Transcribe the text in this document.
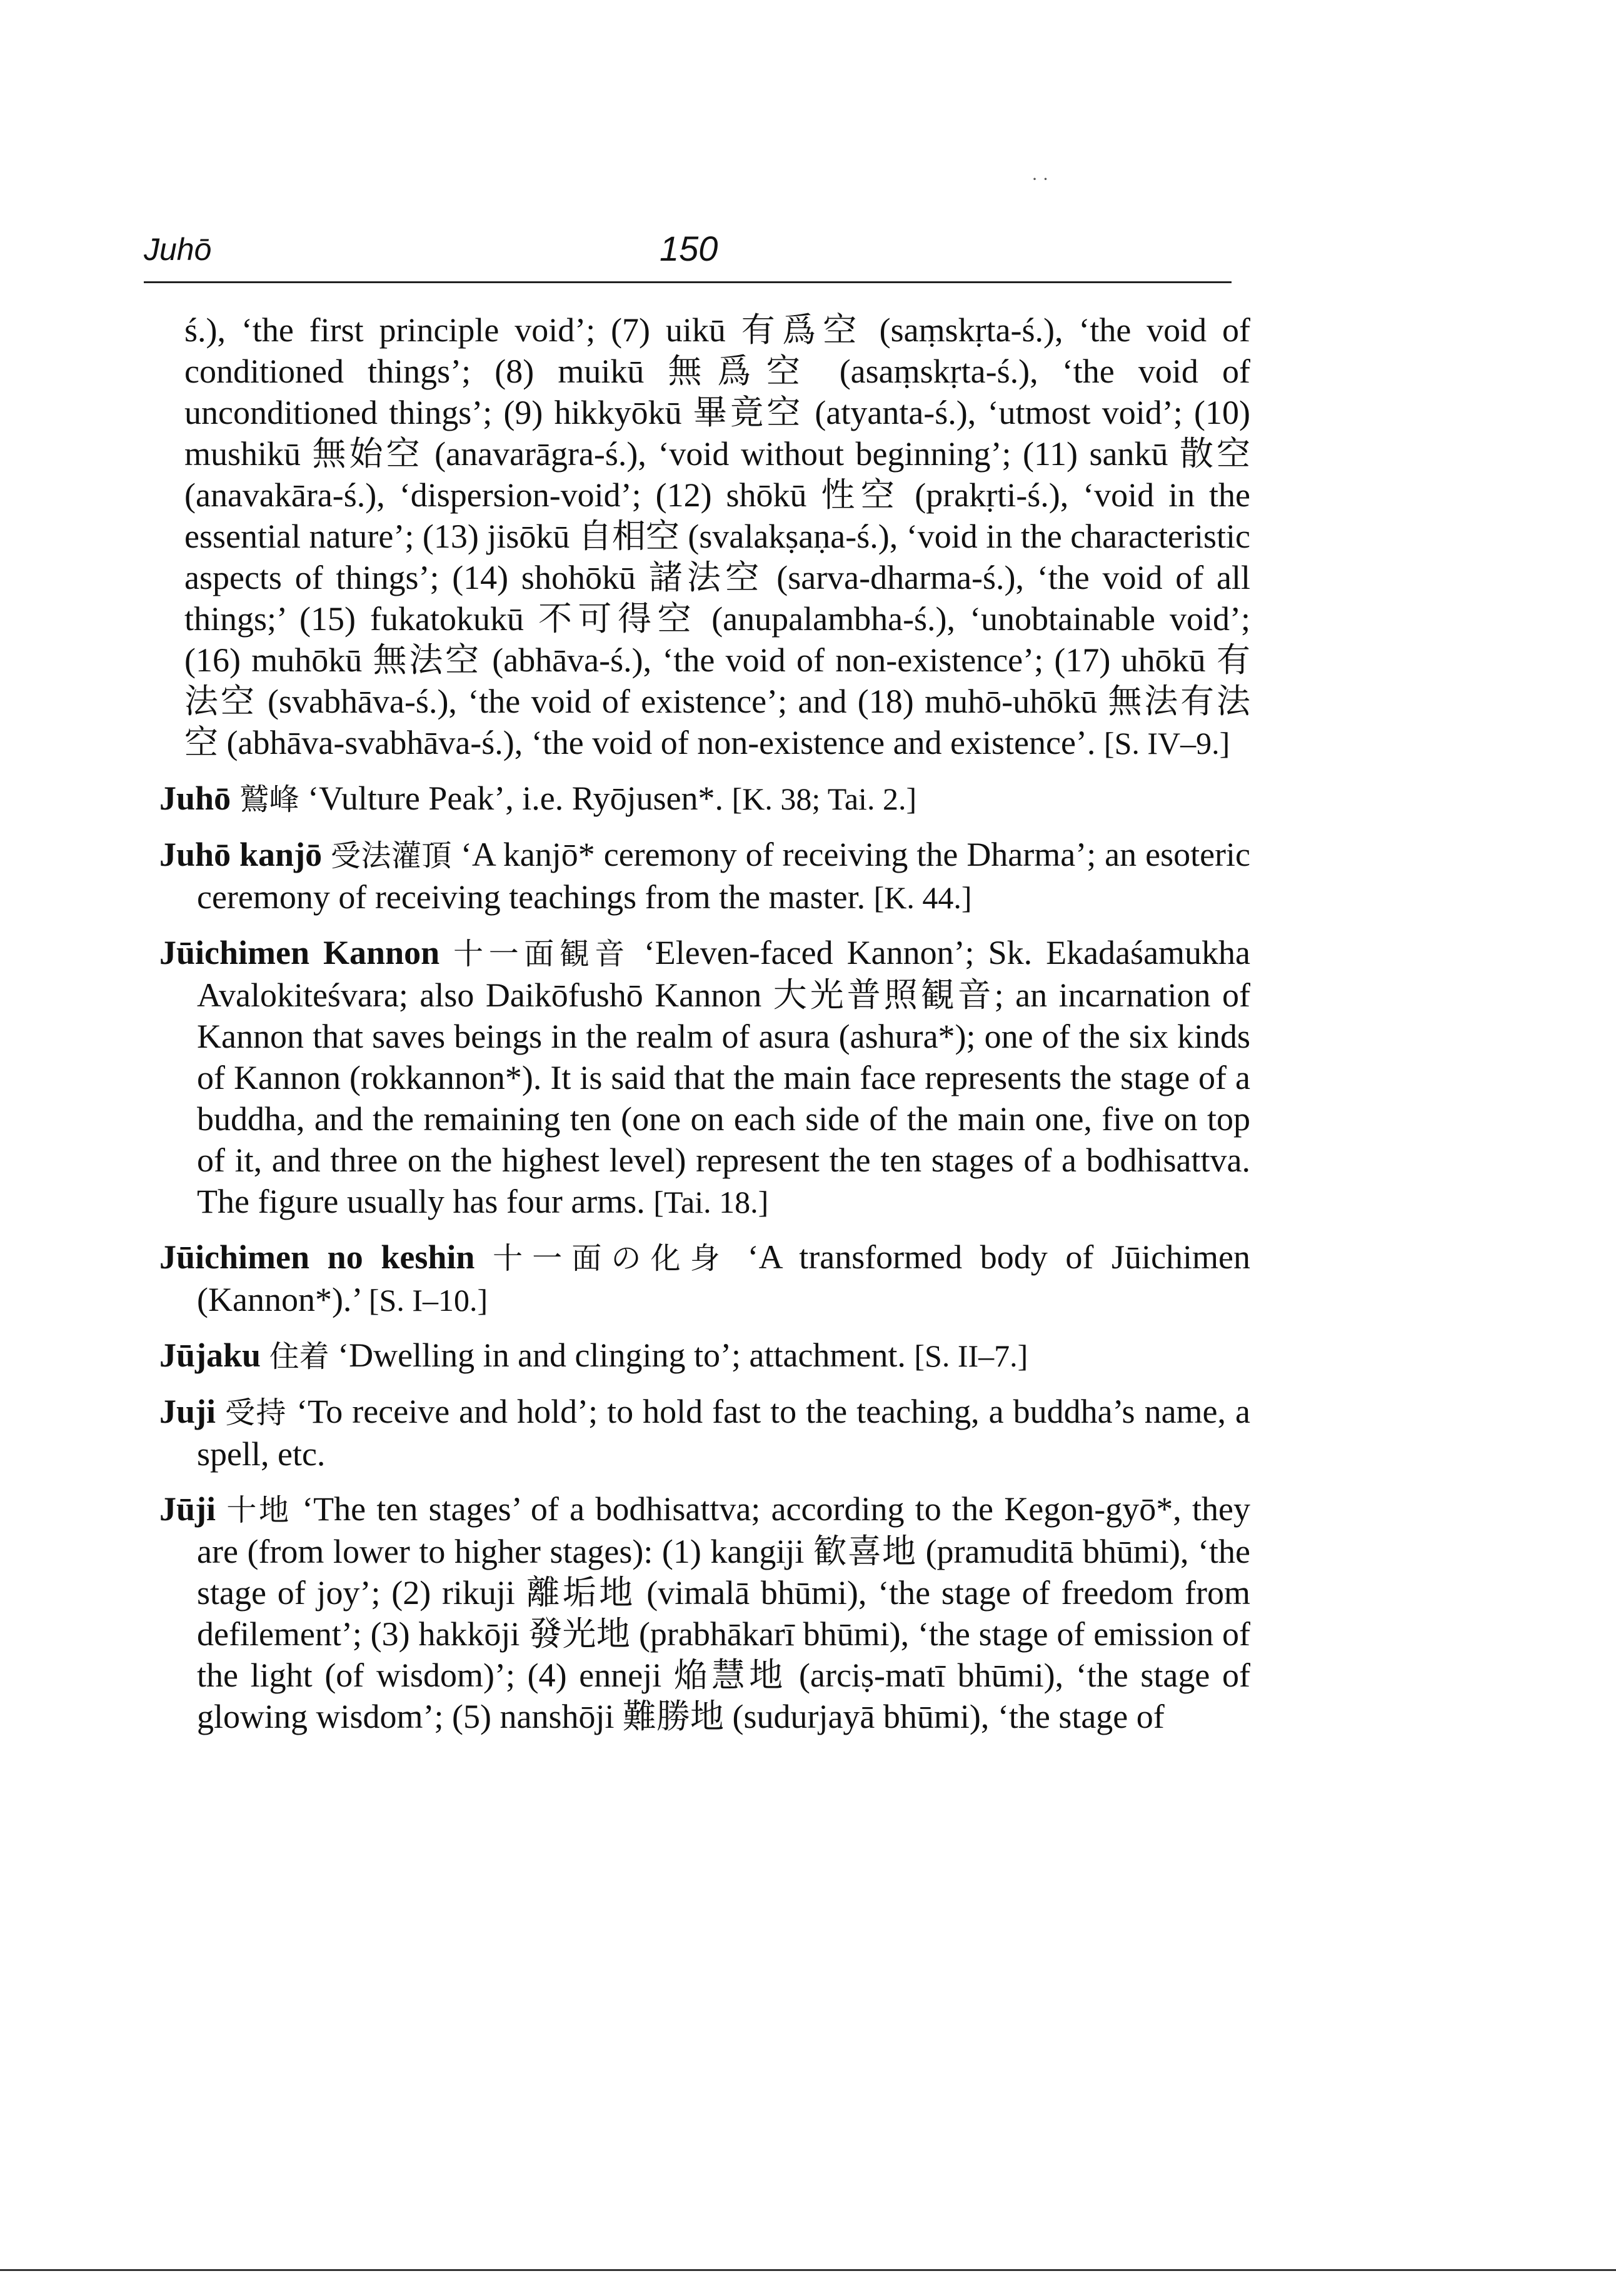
· ·
Juhō	150

ś.), ‘the first principle void’; (7) uikū 有爲空 (saṃskṛta-ś.), ‘the void of conditioned things’; (8) muikū 無爲空 (asaṃskṛta-ś.), ‘the void of unconditioned things’; (9) hikkyōkū 畢竟空 (atyanta-ś.), ‘utmost void’; (10) mushikū 無始空 (anavarāgra-ś.), ‘void without beginning’; (11) sankū 散空 (anavakāra-ś.), ‘dispersion-void’; (12) shōkū 性空 (prakṛti-ś.), ‘void in the essential nature’; (13) jisōkū 自相空 (svalakṣaṇa-ś.), ‘void in the characteristic aspects of things’; (14) shohōkū 諸法空 (sarva-dharma-ś.), ‘the void of all things;’ (15) fukatokukū 不可得空 (anupalambha-ś.), ‘unobtainable void’; (16) muhōkū 無法空 (abhāva-ś.), ‘the void of non-existence’; (17) uhōkū 有法空 (svabhāva-ś.), ‘the void of existence’; and (18) muhō-uhōkū 無法有法空 (abhāva-svabhāva-ś.), ‘the void of non-existence and existence’. [S. IV–9.]

Juhō 鷲峰 ‘Vulture Peak’, i.e. Ryōjusen*. [K. 38; Tai. 2.]

Juhō kanjō 受法灌頂 ‘A kanjō* ceremony of receiving the Dharma’; an esoteric ceremony of receiving teachings from the master. [K. 44.]

Jūichimen Kannon 十一面観音 ‘Eleven-faced Kannon’; Sk. Ekadaśamukha Avalokiteśvara; also Daikōfushō Kannon 大光普照観音; an incarnation of Kannon that saves beings in the realm of asura (ashura*); one of the six kinds of Kannon (rokkannon*). It is said that the main face represents the stage of a buddha, and the remaining ten (one on each side of the main one, five on top of it, and three on the highest level) represent the ten stages of a bodhisattva. The figure usually has four arms. [Tai. 18.]

Jūichimen no keshin 十一面の化身 ‘A transformed body of Jūichimen (Kannon*).’ [S. I–10.]

Jūjaku 住着 ‘Dwelling in and clinging to’; attachment. [S. II–7.]

Juji 受持 ‘To receive and hold’; to hold fast to the teaching, a buddha’s name, a spell, etc.

Jūji 十地 ‘The ten stages’ of a bodhisattva; according to the Kegon-gyō*, they are (from lower to higher stages): (1) kangiji 歓喜地 (pramuditā bhūmi), ‘the stage of joy’; (2) rikuji 離垢地 (vimalā bhūmi), ‘the stage of freedom from defilement’; (3) hakkōji 發光地 (prabhākarī bhūmi), ‘the stage of emission of the light (of wisdom)’; (4) enneji 焔慧地 (arciṣ-matī bhūmi), ‘the stage of glowing wisdom’; (5) nanshōji 難勝地 (sudurjayā bhūmi), ‘the stage of
